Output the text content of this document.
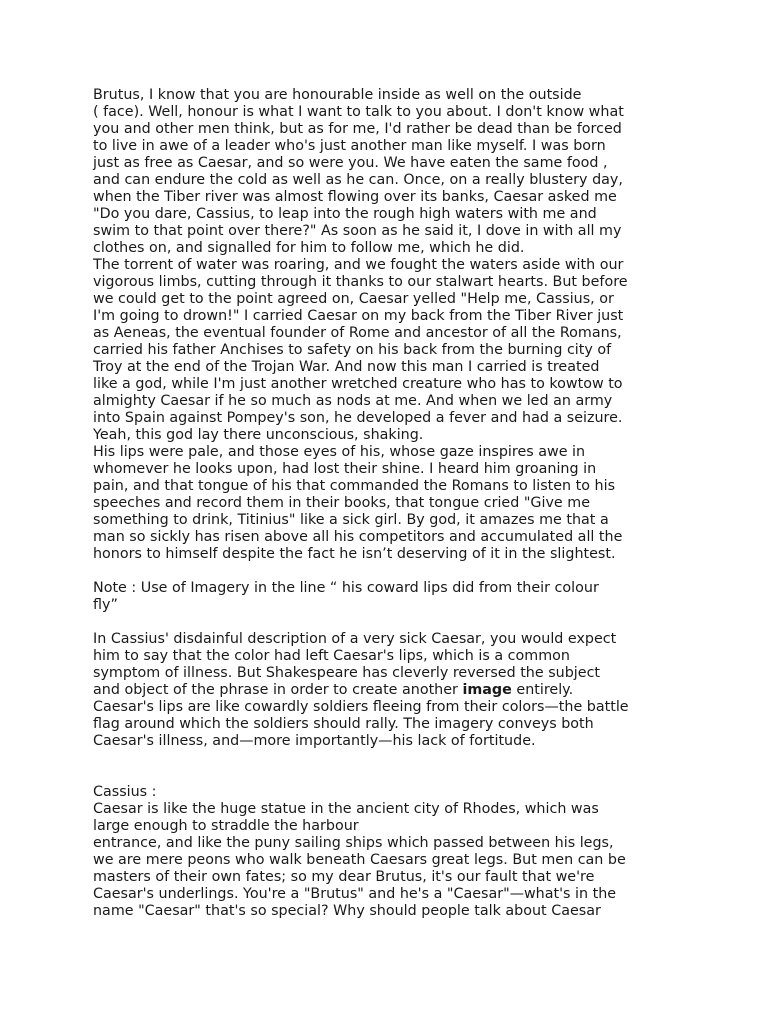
Brutus, I know that you are honourable inside as well on the outside
( face). Well, honour is what I want to talk to you about. I don't know what
you and other men think, but as for me, I'd rather be dead than be forced
to live in awe of a leader who's just another man like myself. I was born
just as free as Caesar, and so were you. We have eaten the same food ,
and can endure the cold as well as he can. Once, on a really blustery day,
when the Tiber river was almost flowing over its banks, Caesar asked me
"Do you dare, Cassius, to leap into the rough high waters with me and
swim to that point over there?" As soon as he said it, I dove in with all my
clothes on, and signalled for him to follow me, which he did.
The torrent of water was roaring, and we fought the waters aside with our
vigorous limbs, cutting through it thanks to our stalwart hearts. But before
we could get to the point agreed on, Caesar yelled "Help me, Cassius, or
I'm going to drown!" I carried Caesar on my back from the Tiber River just
as Aeneas, the eventual founder of Rome and ancestor of all the Romans,
carried his father Anchises to safety on his back from the burning city of
Troy at the end of the Trojan War. And now this man I carried is treated
like a god, while I'm just another wretched creature who has to kowtow to
almighty Caesar if he so much as nods at me. And when we led an army
into Spain against Pompey's son, he developed a fever and had a seizure.
Yeah, this god lay there unconscious, shaking.
His lips were pale, and those eyes of his, whose gaze inspires awe in
whomever he looks upon, had lost their shine. I heard him groaning in
pain, and that tongue of his that commanded the Romans to listen to his
speeches and record them in their books, that tongue cried "Give me
something to drink, Titinius" like a sick girl. By god, it amazes me that a
man so sickly has risen above all his competitors and accumulated all the
honors to himself despite the fact he isn’t deserving of it in the slightest.
Note : Use of Imagery in the line “ his coward lips did from their colour
fly”
In Cassius' disdainful description of a very sick Caesar, you would expect
him to say that the color had left Caesar's lips, which is a common
symptom of illness. But Shakespeare has cleverly reversed the subject
and object of the phrase in order to create another image entirely.
Caesar's lips are like cowardly soldiers fleeing from their colors—the battle
flag around which the soldiers should rally. The imagery conveys both
Caesar's illness, and—more importantly—his lack of fortitude.
Cassius :
Caesar is like the huge statue in the ancient city of Rhodes, which was
large enough to straddle the harbour
entrance, and like the puny sailing ships which passed between his legs,
we are mere peons who walk beneath Caesars great legs. But men can be
masters of their own fates; so my dear Brutus, it's our fault that we're
Caesar's underlings. You're a "Brutus" and he's a "Caesar"—what's in the
name "Caesar" that's so special? Why should people talk about Caesar
